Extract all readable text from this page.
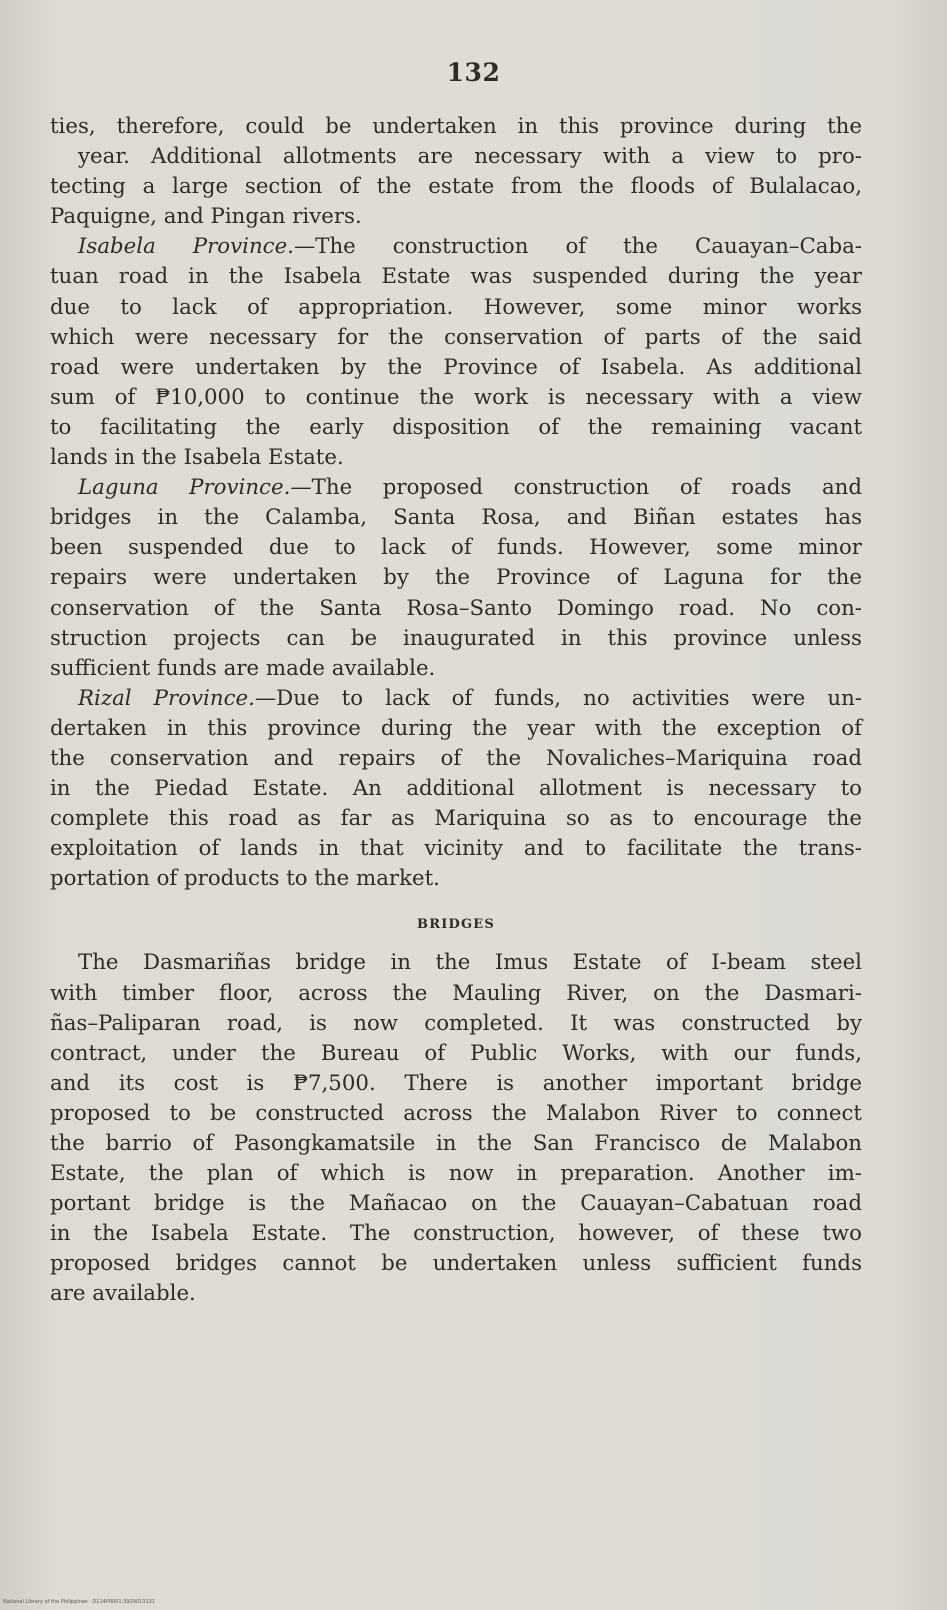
132
ties, therefore, could be undertaken in this province during the
year. Additional allotments are necessary with a view to pro-
tecting a large section of the estate from the floods of Bulalacao,
Paquigne, and Pingan rivers.
Isabela Province.—The construction of the Cauayan–Caba-
tuan road in the Isabela Estate was suspended during the year
due to lack of appropriation. However, some minor works
which were necessary for the conservation of parts of the said
road were undertaken by the Province of Isabela. As additional
sum of ₱10,000 to continue the work is necessary with a view
to facilitating the early disposition of the remaining vacant
lands in the Isabela Estate.
Laguna Province.—The proposed construction of roads and
bridges in the Calamba, Santa Rosa, and Biñan estates has
been suspended due to lack of funds. However, some minor
repairs were undertaken by the Province of Laguna for the
conservation of the Santa Rosa–Santo Domingo road. No con-
struction projects can be inaugurated in this province unless
sufficient funds are made available.
Rizal Province.—Due to lack of funds, no activities were un-
dertaken in this province during the year with the exception of
the conservation and repairs of the Novaliches–Mariquina road
in the Piedad Estate. An additional allotment is necessary to
complete this road as far as Mariquina so as to encourage the
exploitation of lands in that vicinity and to facilitate the trans-
portation of products to the market.
BRIDGES
The Dasmariñas bridge in the Imus Estate of I-beam steel
with timber floor, across the Mauling River, on the Dasmari-
ñas–Paliparan road, is now completed. It was constructed by
contract, under the Bureau of Public Works, with our funds,
and its cost is ₱7,500. There is another important bridge
proposed to be constructed across the Malabon River to connect
the barrio of Pasongkamatsile in the San Francisco de Malabon
Estate, the plan of which is now in preparation. Another im-
portant bridge is the Mañacao on the Cauayan–Cabatuan road
in the Isabela Estate. The construction, however, of these two
proposed bridges cannot be undertaken unless sufficient funds
are available.
National Library of the Philippines · D114P0001:3929013131
